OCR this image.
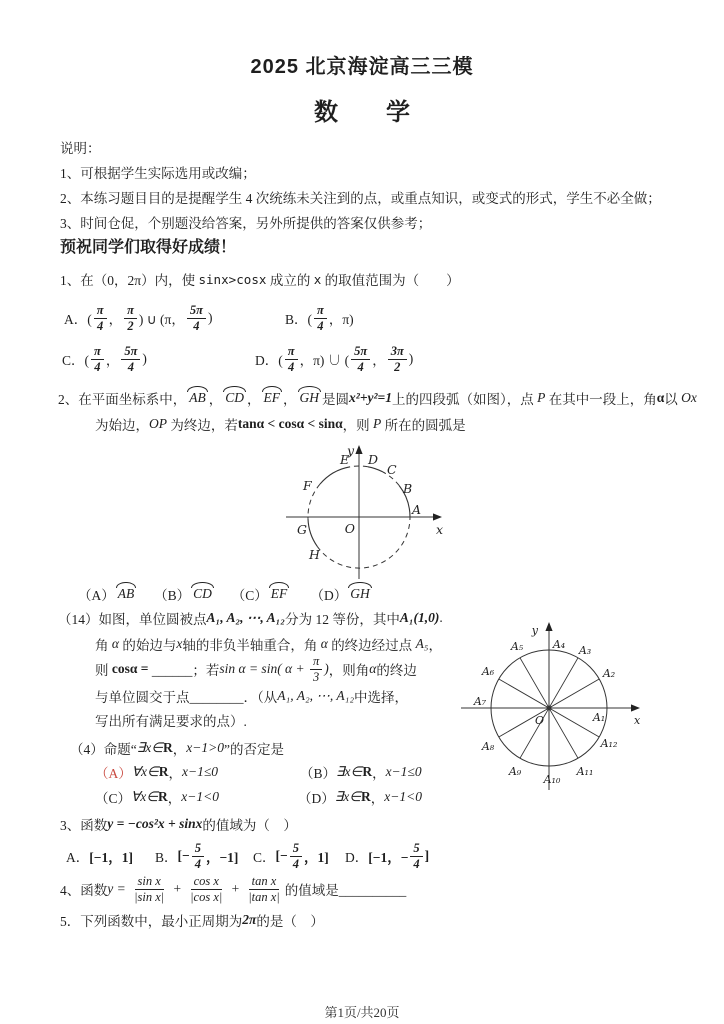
2025 北京海淀高三三模
数　　学
说明：
1、可根据学生实际选用或改编；
2、本练习题目目的是提醒学生 4 次统练未关注到的点，或重点知识，或变式的形式，学生不必全做；
3、时间仓促，个别题没给答案，另外所提供的答案仅供参考；
预祝同学们取得好成绩！
1、在（0，2π）内，使 sinx>cosx 成立的 x 的取值范围为（　　）
A．( $\frac{\pi}{4}$ ， $\frac{\pi}{2}$ ) ∪ (π， $\frac{5\pi}{4}$ )	B．( $\frac{\pi}{4}$ ，π)
C．( $\frac{\pi}{4}$ ， $\frac{5\pi}{4}$ )	D．( $\frac{\pi}{4}$ ，π) ∪ ( $\frac{5\pi}{4}$ ， $\frac{3\pi}{2}$ )
2、在平面坐标系中， AB ， CD ， EF ， GH 是圆 x²+y²=1 上的四段弧（如图），点 P 在其中一段上，角 α 以 Ox
为始边， OP 为终边，若 tanα < cosα < sinα ，则 P 所在的圆弧是
y
x
O
A
B
C
D
E
F
G
H
（A） AB 　 （B） CD 　 （C） EF 　　（D） GH
（14）如图，单位圆被点 A₁, A₂, ⋯, A₁₂ 分为 12 等份，其中 A₁(1,0) .
角 α 的始边与 x 轴的非负半轴重合，角 α 的终边经过点 A₅ ，
则 cosα = ______；若 sin α = sin( $\alpha + \frac{\pi}{3}$ ) ，则角 α 的终边
与单位圆交于点________．（从 A₁, A₂, ⋯, A₁₂ 中选择，
写出所有满足要求的点）.
y
x
O	A₁
A₂
A₃
A₄
A₅
A₆
A₇
A₈
A₉
A₁₀
A₁₁
A₁₂
（4）命题“ ∃x∈ R ， x−1>0 ”的否定是
（A） ∀x∈ R ， x−1≤0	（B） ∃x∈ R ， x−1≤0
（C） ∀x∈ R ， x−1<0	（D） ∃x∈ R ， x−1<0
3、函数 y = −cos²x + sinx 的值域为（　）
A． [−1，1] B． [− $\frac{5}{4}$ ，−1] C． [− $\frac{5}{4}$ ，1] D． [−1，− $\frac{5}{4}$ ]
4、函数 $y = \frac{\text{sin x}}{\text{|sin x|}} + \frac{\text{cos x}}{\text{|cos x|}} + \frac{\text{tan x}}{\text{|tan x|}}$ 的值域是__________
5．下列函数中，最小正周期为 2π 的是（　）
第1页/共20页
